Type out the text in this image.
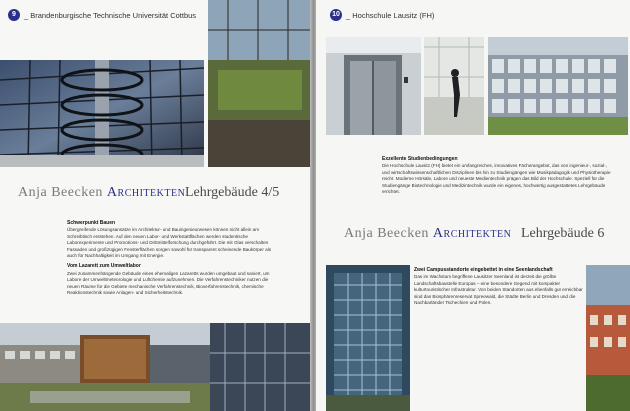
9	_ Brandenburgische Technische Universität Cottbus
Anja Beecken Architekten Lehrgebäude 4/5
Schwerpunkt Bauen

Übergreifende Lösungsansätze im Architektur- und Bauingenieurwesen können nicht allein am Schreibtisch entstehen. Auf den neuen Labor- und Werkstattflächen werden studentische Laborexperimente und Promotions- und Drittmittelforschung durchgeführt. Die mit Glas verschalten Fassaden und großzügigen Fensterflächen sorgen sowohl für transparent scheinende Baukörper als auch für Nachhaltigkeit im Umgang mit Energie.

Vom Lazarett zum Umweltlabor

Zwei zusammenhängende Gebäude eines ehemaligen Lazaretts wurden umgebaut und saniert, um Labore der Umweltmeteorologie und Luftchemie aufzunehmen. Die Verfahrenstechniker nutzen die neuen Räume für die Gebiete mechanische Verfahrenstechnik, Bioverfahrenstechnik, chemische Reaktionstechnik sowie Anlagen- und Sicherheitstechnik.

10 _ Hochschule Lausitz (FH)
Exzellente Studienbedingungen

Die Hochschule Lausitz (FH) bietet ein umfangreiches, innovatives Fächerangebot, das von ingenieur-, sozial-, und wirtschaftswissenschaftlichen Disziplinen bis hin zu Studiengängen wie Musikpädagogik und Physiotherapie reicht. Moderne Hörsäle, Labore und neueste Medientechnik prägen das Bild der Hochschule. Speziell für die Studiengänge Biotechnologie und Medizintechnik wurde ein eigenes, hochwertig ausgestattetes Lehrgebäude errichtet.

Anja Beecken Architekten Lehrgebäude 6
Zwei Campusstandorte eingebettet in eine Seenlandschaft

Das im Wachstum begriffene Lausitzer Seenland ist derzeit die größte Landschaftsbaustelle Europas – eine besondere Gegend mit kompakter kulturtouristischer Infrastruktur. Von beiden Standorten aus ebenfalls gut erreichbar sind das Biosphärenreservat Spreewald, die Städte Berlin und Dresden und die Nachbarländer Tschechien und Polen.

44
